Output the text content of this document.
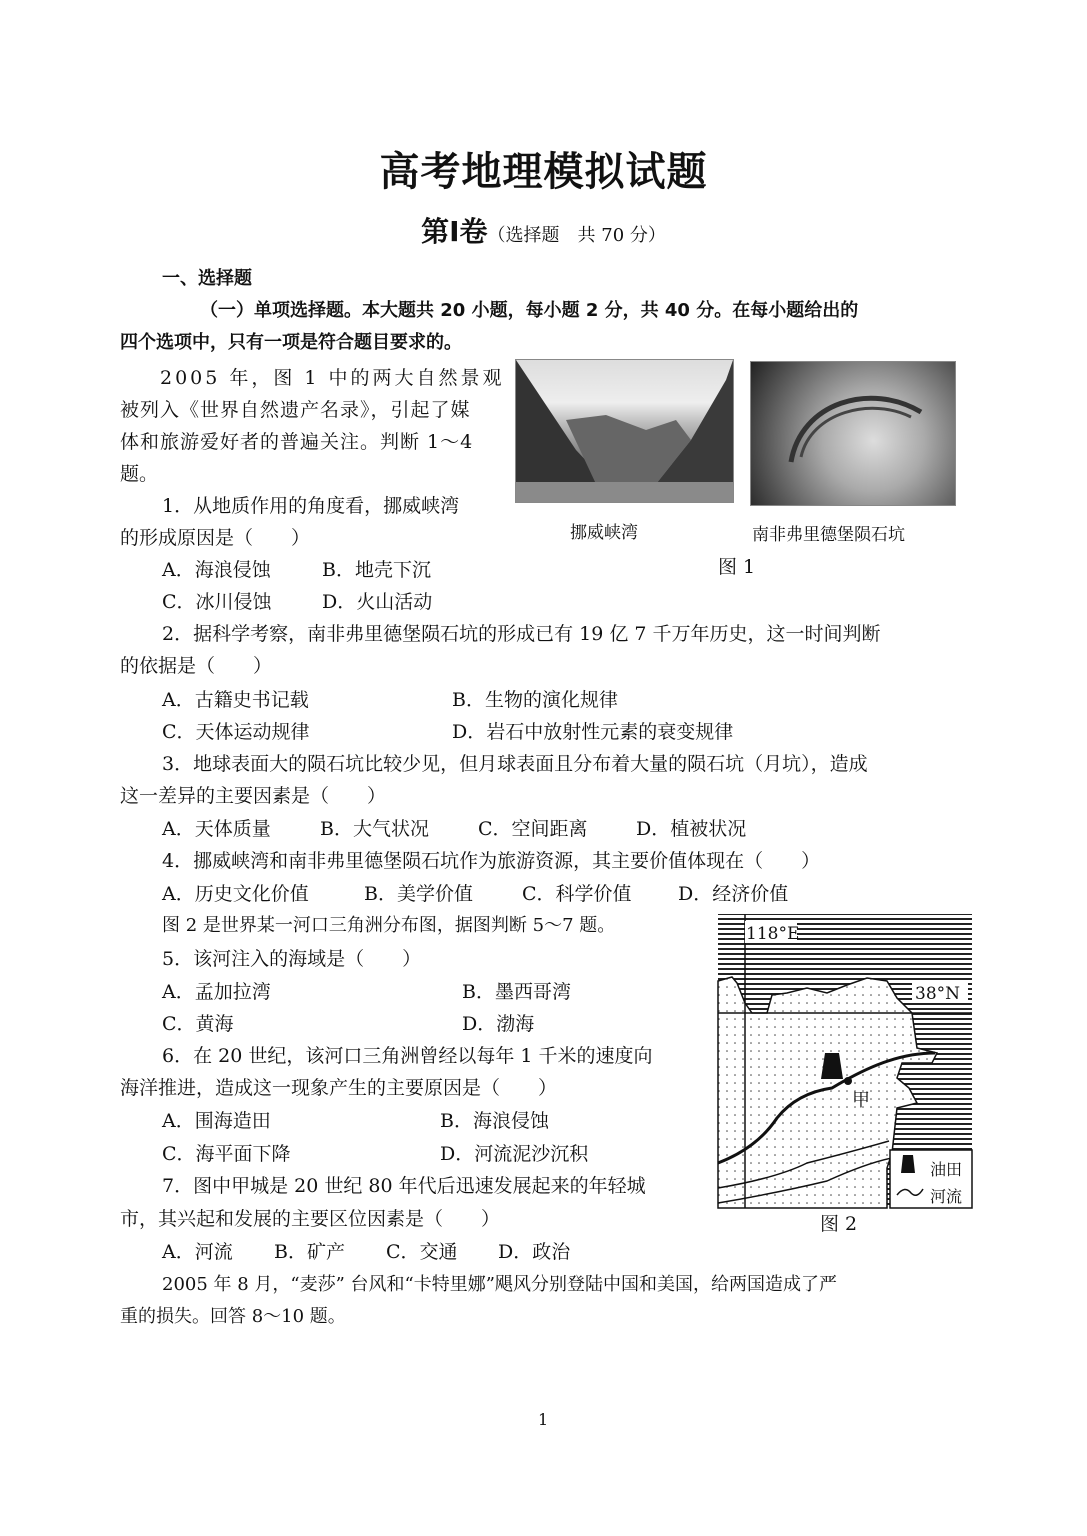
高考地理模拟试题
第Ⅰ卷（选择题　共 70 分）
一、选择题
（一）单项选择题。本大题共 20 小题，每小题 2 分，共 40 分。在每小题给出的
四个选项中，只有一项是符合题目要求的。
2005 年，图 1 中的两大自然景观
被列入《世界自然遗产名录》，引起了媒
体和旅游爱好者的普遍关注。判断 1～4
题。
挪威峡湾	南非弗里德堡陨石坑
图 1
1．从地质作用的角度看，挪威峡湾
的形成原因是（　　）
A．海浪侵蚀	B．地壳下沉
C．冰川侵蚀	D．火山活动
2．据科学考察，南非弗里德堡陨石坑的形成已有 19 亿 7 千万年历史，这一时间判断
的依据是（　　）
A．古籍史书记载	B．生物的演化规律
C．天体运动规律	D．岩石中放射性元素的衰变规律
3．地球表面大的陨石坑比较少见，但月球表面且分布着大量的陨石坑（月坑），造成
这一差异的主要因素是（　　）
A．天体质量	B．大气状况	C．空间距离	D．植被状况
4．挪威峡湾和南非弗里德堡陨石坑作为旅游资源，其主要价值体现在（　　）
A．历史文化价值	B．美学价值	C．科学价值 D．经济价值
图 2 是世界某一河口三角洲分布图，据图判断 5～7 题。
5．该河注入的海域是（　　）
A．孟加拉湾	B．墨西哥湾
C．黄海	D．渤海
6．在 20 世纪，该河口三角洲曾经以每年 1 千米的速度向
海洋推进，造成这一现象产生的主要原因是（　　）
A．围海造田	B．海浪侵蚀
C．海平面下降	D．河流泥沙沉积
7．图中甲城是 20 世纪 80 年代后迅速发展起来的年轻城
市，其兴起和发展的主要区位因素是（　　）
A．河流 B．矿产 C．交通 D．政治
118°E
38°N
甲
油田
河流
图 2
2005 年 8 月，“麦莎” 台风和“卡特里娜”飓风分别登陆中国和美国，给两国造成了严
重的损失。回答 8～10 题。
1
